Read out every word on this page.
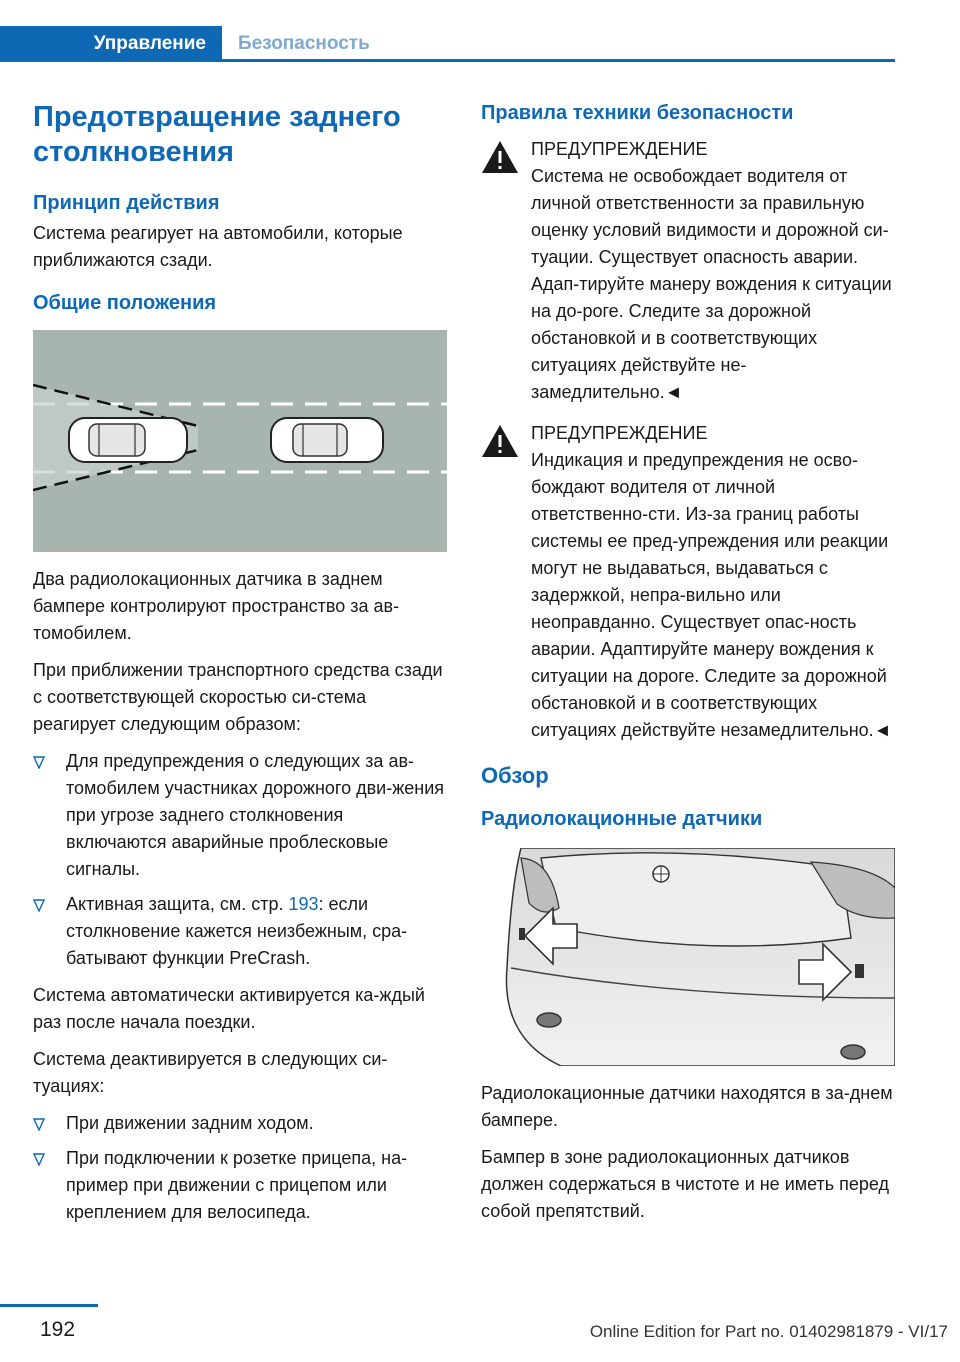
Управление	Безопасность
Предотвращение заднего столкновения
Принцип действия
Система реагирует на автомобили, которые приближаются сзади.
Общие положения
Два радиолокационных датчика в заднем бампере контролируют пространство за ав-томобилем.
При приближении транспортного средства сзади с соответствующей скоростью си-стема реагирует следующим образом:
Для предупреждения о следующих за ав-томобилем участниках дорожного дви-жения при угрозе заднего столкновения включаются аварийные проблесковые сигналы.
Активная защита, см. стр. 193: если столкновение кажется неизбежным, сра-батывают функции PreCrash.
Система автоматически активируется ка-ждый раз после начала поездки.
Система деактивируется в следующих си-туациях:
При движении задним ходом.
При подключении к розетке прицепа, на-пример при движении с прицепом или креплением для велосипеда.
Правила техники безопасности
ПРЕДУПРЕЖДЕНИЕ
Система не освобождает водителя от личной ответственности за правильную оценку условий видимости и дорожной си-туации. Существует опасность аварии. Адап-тируйте манеру вождения к ситуации на до-роге. Следите за дорожной обстановкой и в соответствующих ситуациях действуйте не-замедлительно.◄
ПРЕДУПРЕЖДЕНИЕ
Индикация и предупреждения не осво-бождают водителя от личной ответственно-сти. Из-за границ работы системы ее пред-упреждения или реакции могут не выдаваться, выдаваться с задержкой, непра-вильно или неоправданно. Существует опас-ность аварии. Адаптируйте манеру вождения к ситуации на дороге. Следите за дорожной обстановкой и в соответствующих ситуациях действуйте незамедлительно.◄
Обзор
Радиолокационные датчики
Радиолокационные датчики находятся в за-днем бампере.
Бампер в зоне радиолокационных датчиков должен содержаться в чистоте и не иметь перед собой препятствий.
192	Online Edition for Part no. 01402981879 - VI/17
